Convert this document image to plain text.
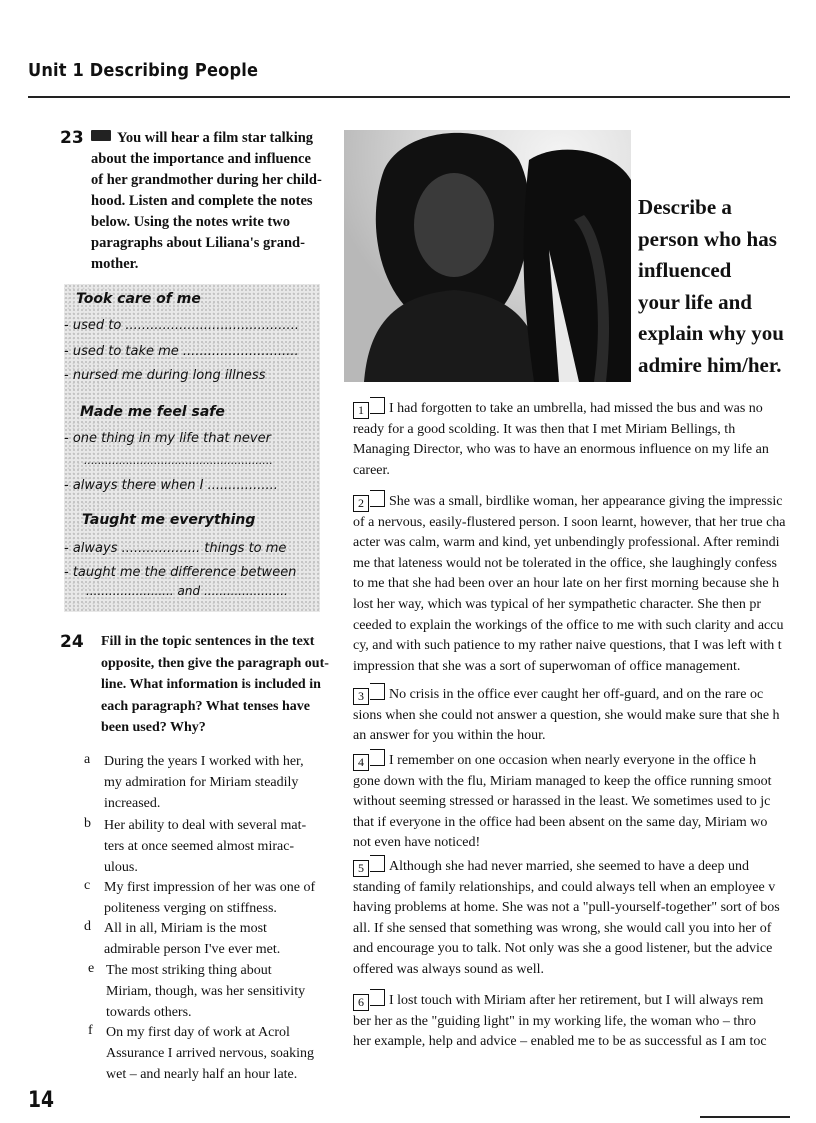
Unit 1 Describing People
23	You will hear a film star talking
about the importance and influence
of her grandmother during her child-
hood. Listen and complete the notes
below. Using the notes write two
paragraphs about Liliana's grand-
mother.
Took care of me
- used to ..........................................
- used to take me ............................
- nursed me during long illness
Made me feel safe
- one thing in my life that never
......................................................
- always there when I .................
Taught me everything
- always ................... things to me
- taught me the difference between
....................... and ......................
Describe a
person who has
influenced
your life and
explain why you
admire him/her.
1 I had forgotten to take an umbrella, had missed the bus and was no
ready for a good scolding. It was then that I met Miriam Bellings, th
Managing Director, who was to have an enormous influence on my life an
career.
2 She was a small, birdlike woman, her appearance giving the impressic
of a nervous, easily-flustered person. I soon learnt, however, that her true cha
acter was calm, warm and kind, yet unbendingly professional. After remindi
me that lateness would not be tolerated in the office, she laughingly confess
to me that she had been over an hour late on her first morning because she h
lost her way, which was typical of her sympathetic character. She then pr
ceeded to explain the workings of the office to me with such clarity and accu
cy, and with such patience to my rather naive questions, that I was left with t
impression that she was a sort of superwoman of office management.
3 No crisis in the office ever caught her off-guard, and on the rare oc
sions when she could not answer a question, she would make sure that she h
an answer for you within the hour.
4 I remember on one occasion when nearly everyone in the office h
gone down with the flu, Miriam managed to keep the office running smoot
without seeming stressed or harassed in the least. We sometimes used to jc
that if everyone in the office had been absent on the same day, Miriam wo
not even have noticed!
5 Although she had never married, she seemed to have a deep und
standing of family relationships, and could always tell when an employee v
having problems at home. She was not a "pull-yourself-together" sort of bos
all. If she sensed that something was wrong, she would call you into her of
and encourage you to talk. Not only was she a good listener, but the advice
offered was always sound as well.
6 I lost touch with Miriam after her retirement, but I will always rem
ber her as the "guiding light" in my working life, the woman who – thro
her example, help and advice – enabled me to be as successful as I am toc
24 Fill in the topic sentences in the text
opposite, then give the paragraph out-
line. What information is included in
each paragraph? What tenses have
been used? Why?
a During the years I worked with her,
my admiration for Miriam steadily
increased.
b Her ability to deal with several mat-
ters at once seemed almost mirac-
ulous.
c My first impression of her was one of
politeness verging on stiffness.
d All in all, Miriam is the most
admirable person I've ever met.
e The most striking thing about
Miriam, though, was her sensitivity
towards others.
f On my first day of work at Acrol
Assurance I arrived nervous, soaking
wet – and nearly half an hour late.
14
